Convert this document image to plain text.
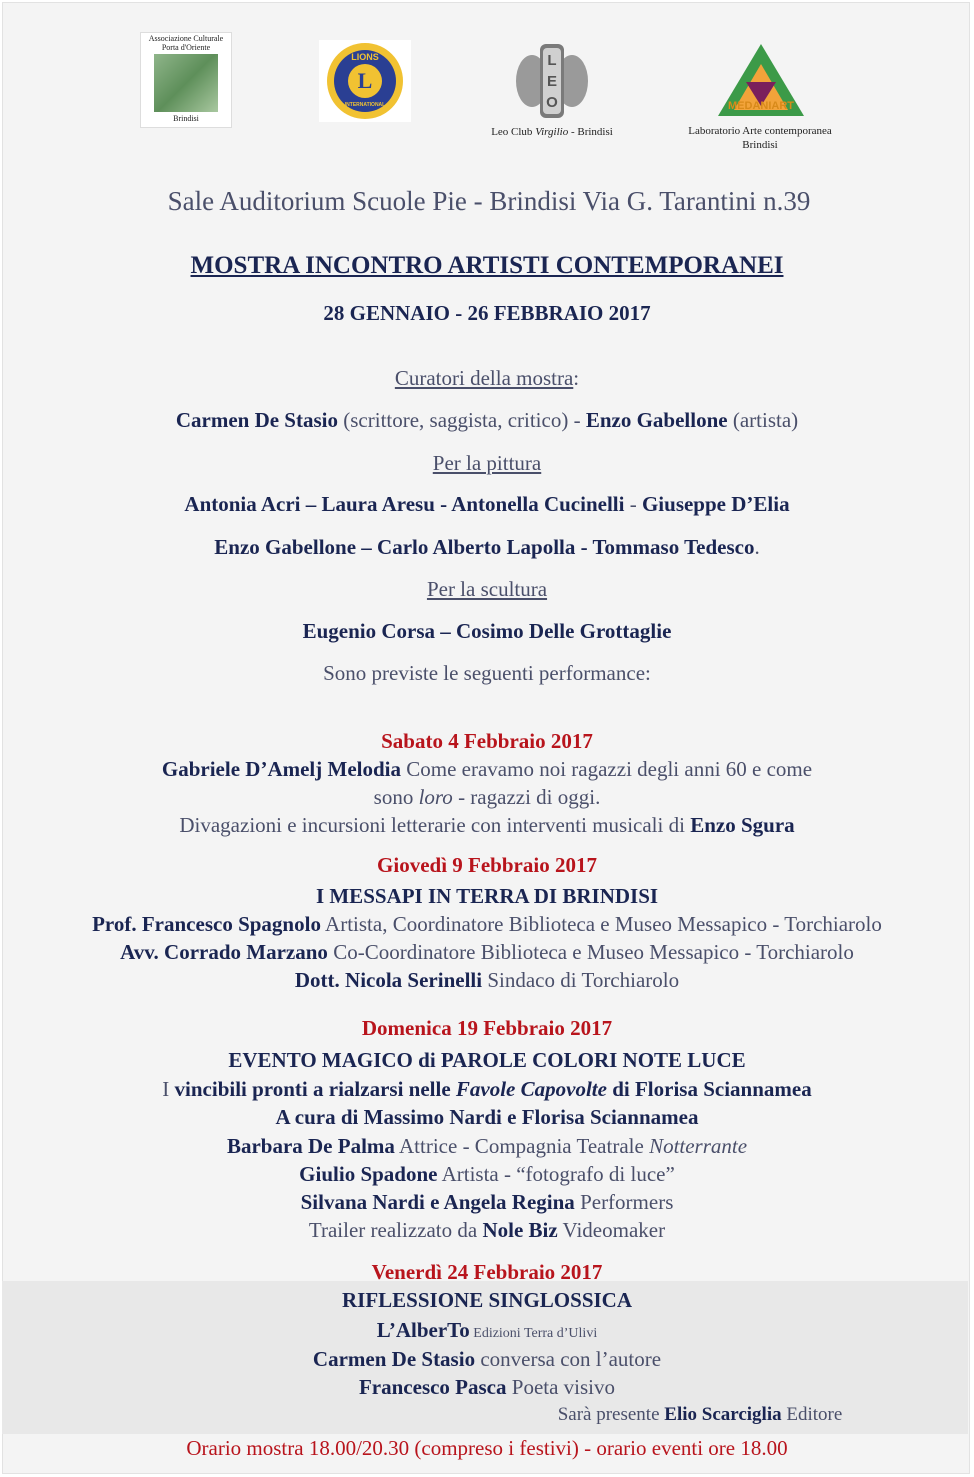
Associazione Culturale
Porta d'Oriente
Brindisi
L
LIONS
INTERNATIONAL
LEO
Leo Club Virgilio - Brindisi
MEDANIART
Laboratorio Arte contemporanea
Brindisi
Sale Auditorium Scuole Pie - Brindisi Via G. Tarantini n.39
MOSTRA INCONTRO ARTISTI CONTEMPORANEI
28 GENNAIO - 26 FEBBRAIO 2017
Curatori della mostra:
Carmen De Stasio (scrittore, saggista, critico) - Enzo Gabellone (artista)
Per la pittura
Antonia Acri – Laura Aresu - Antonella Cucinelli - Giuseppe D’Elia
Enzo Gabellone – Carlo Alberto Lapolla - Tommaso Tedesco.
Per la scultura
Eugenio Corsa – Cosimo Delle Grottaglie
Sono previste le seguenti performance:
Sabato 4 Febbraio 2017
Gabriele D’Amelj Melodia Come eravamo noi ragazzi degli anni 60 e come
sono loro - ragazzi di oggi.
Divagazioni e incursioni letterarie con interventi musicali di Enzo Sgura
Giovedì 9 Febbraio 2017
I MESSAPI IN TERRA DI BRINDISI
Prof. Francesco Spagnolo Artista, Coordinatore Biblioteca e Museo Messapico - Torchiarolo
Avv. Corrado Marzano Co-Coordinatore Biblioteca e Museo Messapico - Torchiarolo
Dott. Nicola Serinelli Sindaco di Torchiarolo
Domenica 19 Febbraio 2017
EVENTO MAGICO di PAROLE COLORI NOTE LUCE
I vincibili pronti a rialzarsi nelle Favole Capovolte di Florisa Sciannamea
A cura di Massimo Nardi e Florisa Sciannamea
Barbara De Palma Attrice - Compagnia Teatrale Notterrante
Giulio Spadone Artista - “fotografo di luce”
Silvana Nardi e Angela Regina Performers
Trailer realizzato da Nole Biz Videomaker
Venerdì 24 Febbraio 2017
RIFLESSIONE SINGLOSSICA
L’AlberTo Edizioni Terra d’Ulivi
Carmen De Stasio conversa con l’autore
Francesco Pasca Poeta visivo
Sarà presente Elio Scarciglia Editore
Orario mostra 18.00/20.30 (compreso i festivi) - orario eventi ore 18.00
